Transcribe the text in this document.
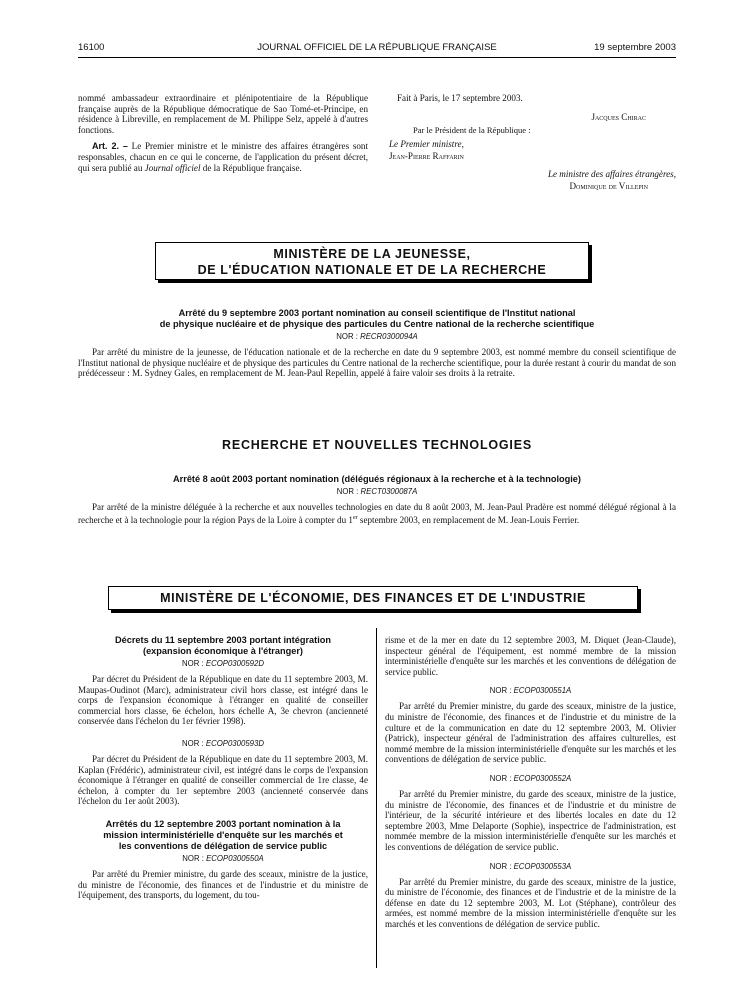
16100	JOURNAL OFFICIEL DE LA RÉPUBLIQUE FRANÇAISE	19 septembre 2003

nommé ambassadeur extraordinaire et plénipotentiaire de la République française auprès de la République démocratique de Sao Tomé-et-Principe, en résidence à Libreville, en remplacement de M. Philippe Selz, appelé à d'autres fonctions.

Art. 2. – Le Premier ministre et le ministre des affaires étrangères sont responsables, chacun en ce qui le concerne, de l'application du présent décret, qui sera publié au Journal officiel de la République française.

Fait à Paris, le 17 septembre 2003.
Jacques Chirac
Par le Président de la République :
Le Premier ministre,
Jean-Pierre Raffarin
Le ministre des affaires étrangères,
Dominique de Villepin
MINISTÈRE DE LA JEUNESSE,
DE L'ÉDUCATION NATIONALE ET DE LA RECHERCHE

Arrêté du 9 septembre 2003 portant nomination au conseil scientifique de l'Institut national

de physique nucléaire et de physique des particules du Centre national de la recherche scientifique

NOR : RECR0300094A

Par arrêté du ministre de la jeunesse, de l'éducation nationale et de la recherche en date du 9 septembre 2003, est nommé membre du conseil scientifique de l'Institut national de physique nucléaire et de physique des particules du Centre national de la recherche scientifique, pour la durée restant à courir du mandat de son prédécesseur : M. Sydney Gales, en remplacement de M. Jean-Paul Repellin, appelé à faire valoir ses droits à la retraite.

RECHERCHE ET NOUVELLES TECHNOLOGIES

Arrêté 8 août 2003 portant nomination (délégués régionaux à la recherche et à la technologie)

NOR : RECT0300087A

Par arrêté de la ministre déléguée à la recherche et aux nouvelles technologies en date du 8 août 2003, M. Jean-Paul Pradère est nommé délégué régional à la recherche et à la technologie pour la région Pays de la Loire à compter du 1er septembre 2003, en remplacement de M. Jean-Louis Ferrier.

MINISTÈRE DE L'ÉCONOMIE, DES FINANCES ET DE L'INDUSTRIE

Décrets du 11 septembre 2003 portant intégration

(expansion économique à l'étranger)

NOR : ECOP0300592D

Par décret du Président de la République en date du 11 septembre 2003, M. Maupas-Oudinot (Marc), administrateur civil hors classe, est intégré dans le corps de l'expansion économique à l'étranger en qualité de conseiller commercial hors classe, 6e échelon, hors échelle A, 3e chevron (ancienneté conservée dans l'échelon du 1er février 1998).

NOR : ECOP0300593D

Par décret du Président de la République en date du 11 septembre 2003, M. Kaplan (Frédéric), administrateur civil, est intégré dans le corps de l'expansion économique à l'étranger en qualité de conseiller commercial de 1re classe, 4e échelon, à compter du 1er septembre 2003 (ancienneté conservée dans l'échelon du 1er août 2003).

Arrêtés du 12 septembre 2003 portant nomination à la

mission interministérielle d'enquête sur les marchés et

les conventions de délégation de service public

NOR : ECOP0300550A

Par arrêté du Premier ministre, du garde des sceaux, ministre de la justice, du ministre de l'économie, des finances et de l'industrie et du ministre de l'équipement, des transports, du logement, du tou-

risme et de la mer en date du 12 septembre 2003, M. Diquet (Jean-Claude), inspecteur général de l'équipement, est nommé membre de la mission interministérielle d'enquête sur les marchés et les conventions de délégation de service public.

NOR : ECOP0300551A

Par arrêté du Premier ministre, du garde des sceaux, ministre de la justice, du ministre de l'économie, des finances et de l'industrie et du ministre de la culture et de la communication en date du 12 septembre 2003, M. Olivier (Patrick), inspecteur général de l'administration des affaires culturelles, est nommé membre de la mission interministérielle d'enquête sur les marchés et les conventions de délégation de service public.

NOR : ECOP0300552A

Par arrêté du Premier ministre, du garde des sceaux, ministre de la justice, du ministre de l'économie, des finances et de l'industrie et du ministre de l'intérieur, de la sécurité intérieure et des libertés locales en date du 12 septembre 2003, Mme Delaporte (Sophie), inspectrice de l'administration, est nommée membre de la mission interministérielle d'enquête sur les marchés et les conventions de délégation de service public.

NOR : ECOP0300553A

Par arrêté du Premier ministre, du garde des sceaux, ministre de la justice, du ministre de l'économie, des finances et de l'industrie et de la ministre de la défense en date du 12 septembre 2003, M. Lot (Stéphane), contrôleur des armées, est nommé membre de la mission interministérielle d'enquête sur les marchés et les conventions de délégation de service public.
